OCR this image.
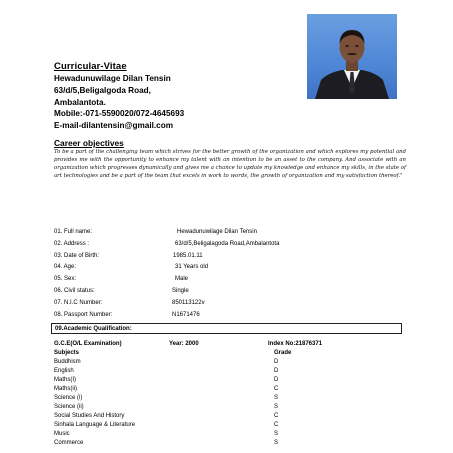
Curricular-Vitae
Hewadunuwilage Dilan Tensin
63/d/5,Beligalgoda Road,
Ambalantota.
Mobile:-071-5590020/072-4645693
E-mail-dilantensin@gmail.com
Career objectives
To be a part of the challenging team which strives for the better growth of the organization and which explores my potential and provides me with the opportunity to enhance my talent with an intention to be an asset to the company. And associate with an organization which progresses dynamically and gives me a chance to update my knowledge and enhance my skills, in the state of art technologies and be a part of the team that excels in work to words, the growth of organization and my satisfaction thereof."
01. Full name:	Hewadunuwilage Dilan Tensin
02. Address :	63/d/5,Beligalagoda Road,Ambalantota
03. Date of Birth:	1985.01.11
04. Age:	31 Years old
05. Sex:	Male
06. Civil status:	Single
07. N.I.C Number:	850113122v
08. Passport Number:	N1671476
09.Academic Qualification:
G.C.E(O/L Examination)	Year: 2000	Index No:21876371
Subjects	Grade
Buddhism	D
English	D
Maths(I)	D
Maths(ii)	C
Science (i)	S
Science (ii)	S
Social Studies And History	C
Sinhala Language & Literature	C
Music	S
Commerce	S
